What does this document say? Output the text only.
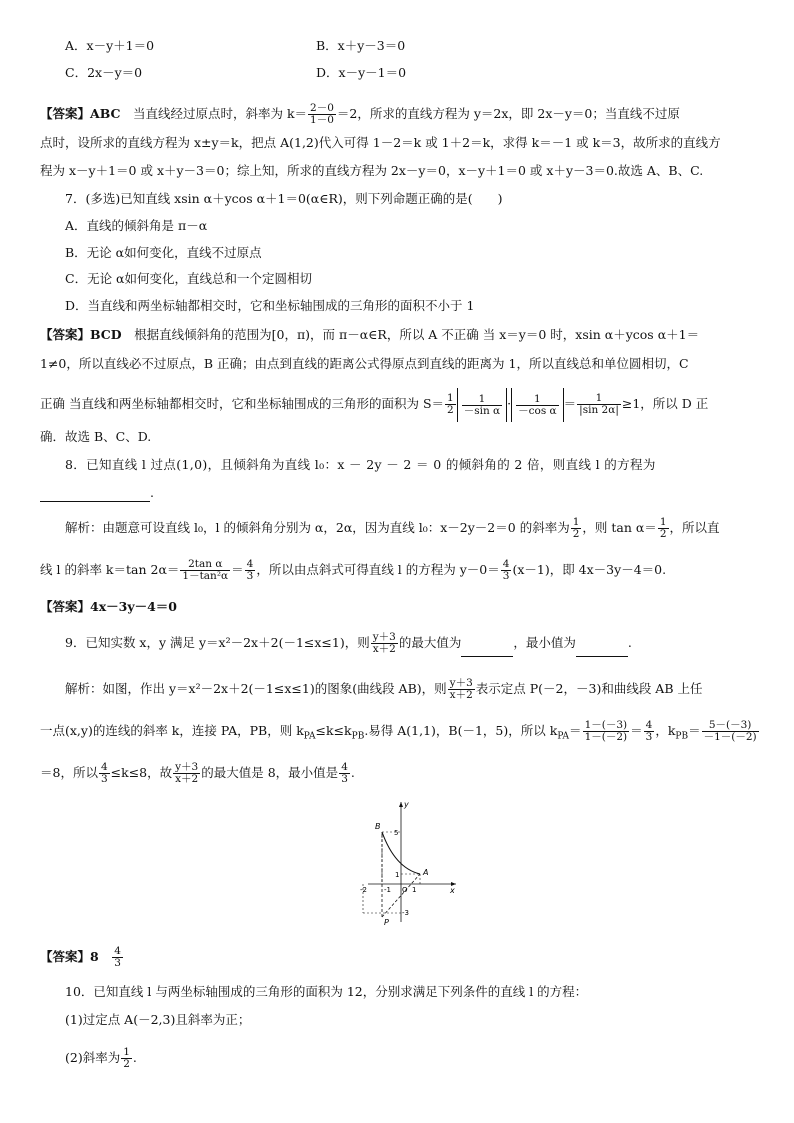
A．x－y＋1＝0	B．x＋y－3＝0
C．2x－y＝0	D．x－y－1＝0
【答案】ABC　 当直线经过原点时，斜率为 $k= \frac{2-0}{1-0} =2$，所求的直线方程为 y＝2x，即 2x－y＝0；当直线不过原
点时，设所求的直线方程为 x±y＝k，把点 A(1,2)代入可得 1－2＝k 或 1＋2＝k，求得 k＝－1 或 k＝3，故所求的直线方
程为 x－y＋1＝0 或 x＋y－3＝0；综上知，所求的直线方程为 2x－y＝0，x－y＋1＝0 或 x＋y－3＝0.故选 A、B、C.
7．(多选)已知直线 xsin α＋ycos α＋1＝0(α∈R)，则下列命题正确的是(　　)
A．直线的倾斜角是 π－α
B．无论 α如何变化，直线不过原点
C．无论 α如何变化，直线总和一个定圆相切
D．当直线和两坐标轴都相交时，它和坐标轴围成的三角形的面积不小于 1
【答案】BCD　 根据直线倾斜角的范围为[0，π)，而 π－α∈R，所以 A 不正确 当 x＝y＝0 时，xsin α＋ycos α＋1＝
1≠0，所以直线必不过原点，B 正确；由点到直线的距离公式得原点到直线的距离为 1，所以直线总和单位圆相切，C
正确 当直线和两坐标轴都相交时，它和坐标轴围成的三角形的面积为 $S= \frac{1}{2} \frac{1}{\text{－sin α}} \cdot \frac{1}{\text{－cos α}} = \frac{1}{|\sin 2\alpha|} \ge 1$，所以 D 正
确．故选 B、C、D.
8．已知直线 l 过点(1,0)，且倾斜角为直线 l₀：x － 2y － 2 ＝ 0 的倾斜角的 2 倍，则直线 l 的方程为
.
解析：由题意可设直线 l₀，l 的倾斜角分别为 α，2α，因为直线 l₀：x－2y－2＝0 的斜率为 $\frac{1}{2}$ ，则 $\tan \alpha= \frac{1}{2}$ ，所以直
线 l 的斜率 k＝tan $2\alpha= \frac{\text{2tan α}}{\text{1－tan²α}} = \frac{4}{3}$ ，所以由点斜式可得直线 l 的方程为 $y-0= \frac{4}{3} (x-1)$，即 4x－3y－4＝0.
【答案】4x－3y－4＝0
9．已知实数 x，y 满足 y＝x²－2x＋2(－1≤x≤1)，则 $\frac{y+3}{x+2}$ 的最大值为	，最小值为	.
解析：如图，作出 y＝x²－2x＋2(－1≤x≤1)的图象(曲线段 AB)，则 $\frac{y+3}{x+2}$ 表示定点 P(－2，－3)和曲线段 AB 上任
一点(x,y)的连线的斜率 k，连接 PA，PB，则 $k_{PA}\le k\le k_{PB}$.易得 A(1,1)，B(－1，5)，所以 $k_{PA}= \frac{1-(-3)}{1-(-2)} = \frac{4}{3}$ ，$k_{PB}= \frac{5-(-3)}{-1-(-2)}$
＝8，所以 $\frac{4}{3} \le k\le 8$，故 $\frac{y+3}{x+2}$ 的最大值是 8，最小值是 $\frac{4}{3}$ .
y
x
B
A
P
O
5
1
-3
-2 -1	1
【答案】8　 $\frac{4}{3}$
10．已知直线 l 与两坐标轴围成的三角形的面积为 12，分别求满足下列条件的直线 l 的方程：
(1)过定点 A(－2,3)且斜率为正；
(2)斜率为 $\frac{1}{2}$ .
